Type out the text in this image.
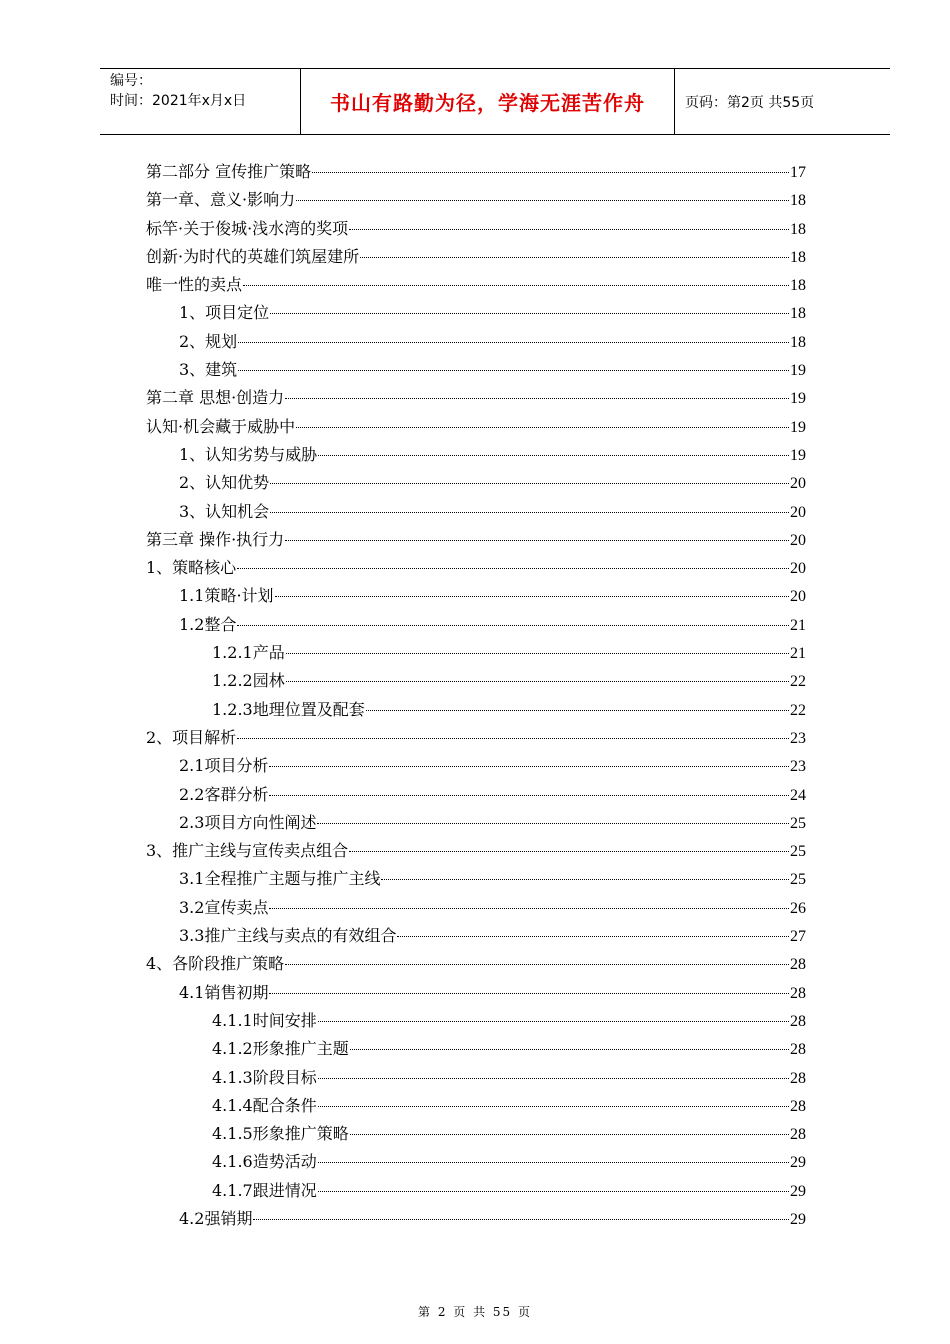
编号：
时间：2021年x月x日	书山有路勤为径，学海无涯苦作舟	页码：第2页 共55页
第二部分 宣传推广策略	17
第一章、意义·影响力	18
标竿·关于俊城·浅水湾的奖项	18
创新·为时代的英雄们筑屋建所	18
唯一性的卖点	18
1、项目定位	18
2、规划	18
3、建筑	19
第二章 思想·创造力	19
认知·机会藏于威胁中	19
1、认知劣势与威胁	19
2、认知优势	20
3、认知机会	20
第三章 操作·执行力	20
1、策略核心	20
1.1策略·计划	20
1.2整合	21
1.2.1产品	21
1.2.2园林	22
1.2.3地理位置及配套	22
2、项目解析	23
2.1项目分析	23
2.2客群分析	24
2.3项目方向性阐述	25
3、推广主线与宣传卖点组合	25
3.1全程推广主题与推广主线	25
3.2宣传卖点	26
3.3推广主线与卖点的有效组合	27
4、各阶段推广策略	28
4.1销售初期	28
4.1.1时间安排	28
4.1.2形象推广主题	28
4.1.3阶段目标	28
4.1.4配合条件	28
4.1.5形象推广策略	28
4.1.6造势活动	29
4.1.7跟进情况	29
4.2强销期	29
第 2 页 共 55 页
